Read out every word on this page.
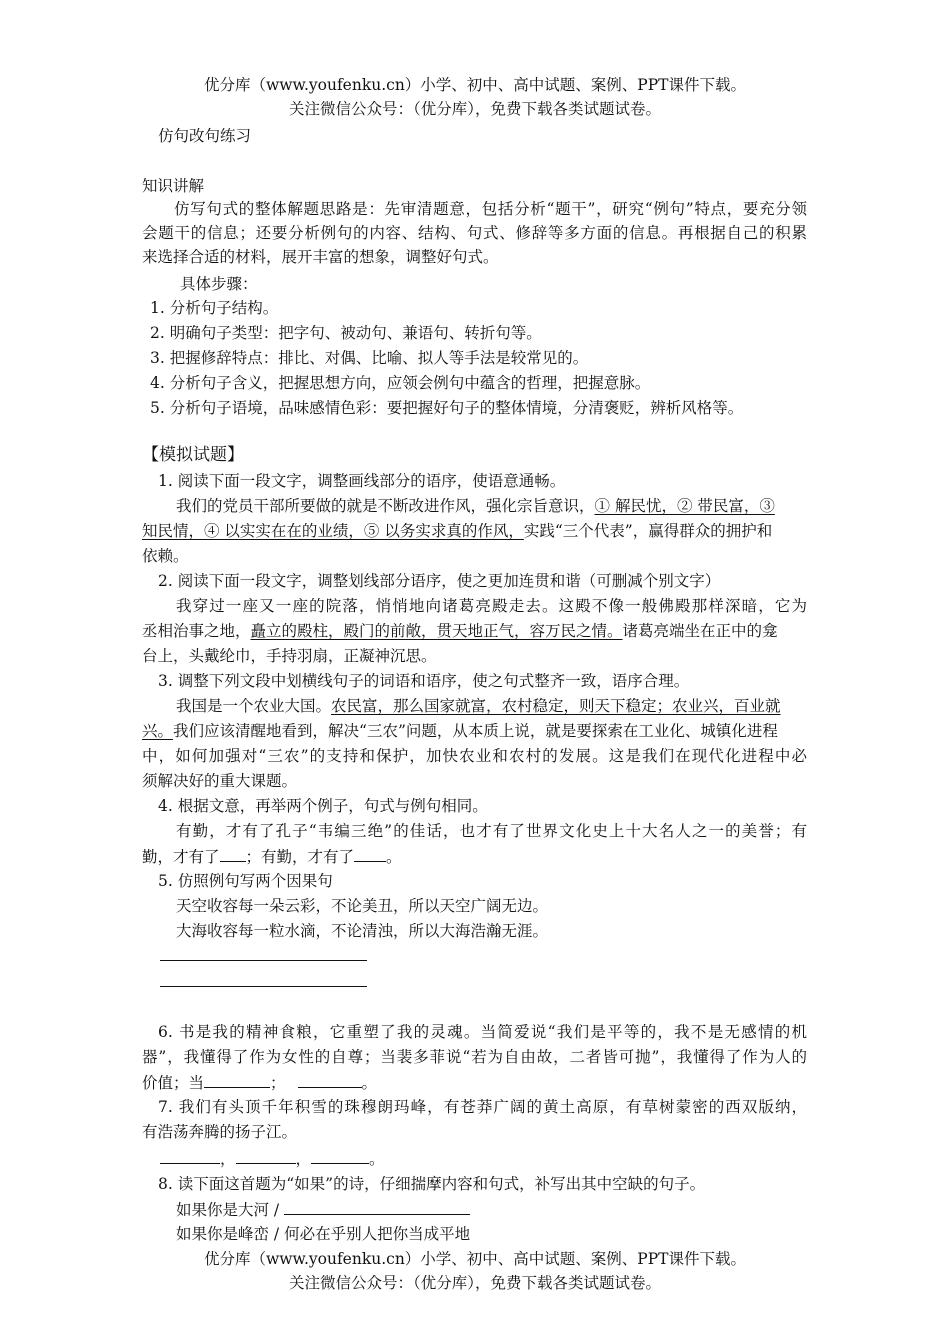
优分库（www.youfenku.cn）小学、初中、高中试题、案例、PPT课件下载。
关注微信公众号：（优分库），免费下载各类试题试卷。
仿句改句练习
知识讲解
仿写句式的整体解题思路是：先审清题意，包括分析“题干”，研究“例句”特点，要充分领
会题干的信息；还要分析例句的内容、结构、句式、修辞等多方面的信息。再根据自己的积累
来选择合适的材料，展开丰富的想象，调整好句式。
具体步骤：
1. 分析句子结构。
2. 明确句子类型：把字句、被动句、兼语句、转折句等。
3. 把握修辞特点：排比、对偶、比喻、拟人等手法是较常见的。
4. 分析句子含义，把握思想方向，应领会例句中蕴含的哲理，把握意脉。
5. 分析句子语境，品味感情色彩：要把握好句子的整体情境，分清褒贬，辨析风格等。
【模拟试题】
1. 阅读下面一段文字，调整画线部分的语序，使语意通畅。
我们的党员干部所要做的就是不断改进作风，强化宗旨意识，① 解民忧，② 带民富，③
知民情，④ 以实实在在的业绩，⑤ 以务实求真的作风，实践“三个代表”，赢得群众的拥护和
依赖。
2. 阅读下面一段文字，调整划线部分语序，使之更加连贯和谐（可删减个别文字）
我穿过一座又一座的院落，悄悄地向诸葛亮殿走去。这殿不像一般佛殿那样深暗，它为
丞相治事之地，矗立的殿柱，殿门的前敞，贯天地正气，容万民之情。诸葛亮端坐在正中的龛
台上，头戴纶巾，手持羽扇，正凝神沉思。
3. 调整下列文段中划横线句子的词语和语序，使之句式整齐一致，语序合理。
我国是一个农业大国。农民富，那么国家就富，农村稳定，则天下稳定；农业兴，百业就
兴。我们应该清醒地看到，解决“三农”问题，从本质上说，就是要探索在工业化、城镇化进程
中，如何加强对“三农”的支持和保护，加快农业和农村的发展。这是我们在现代化进程中必
须解决好的重大课题。
4. 根据文意，再举两个例子，句式与例句相同。
有勤，才有了孔子“韦编三绝”的佳话，也才有了世界文化史上十大名人之一的美誉；有
勤，才有了 ；有勤，才有了 。
5. 仿照例句写两个因果句
天空收容每一朵云彩，不论美丑，所以天空广阔无边。
大海收容每一粒水滴，不论清浊，所以大海浩瀚无涯。
6. 书是我的精神食粮，它重塑了我的灵魂。当简爱说“我们是平等的，我不是无感情的机
器”，我懂得了作为女性的自尊；当裴多菲说“若为自由故，二者皆可抛”，我懂得了作为人的
价值；当	；	。
7. 我们有头顶千年积雪的珠穆朗玛峰，有苍莽广阔的黄土高原，有草树蒙密的西双版纳，
有浩荡奔腾的扬子江。
，	，	。
8. 读下面这首题为“如果”的诗，仔细揣摩内容和句式，补写出其中空缺的句子。
如果你是大河 /
如果你是峰峦 / 何必在乎别人把你当成平地
优分库（www.youfenku.cn）小学、初中、高中试题、案例、PPT课件下载。
关注微信公众号：（优分库），免费下载各类试题试卷。
